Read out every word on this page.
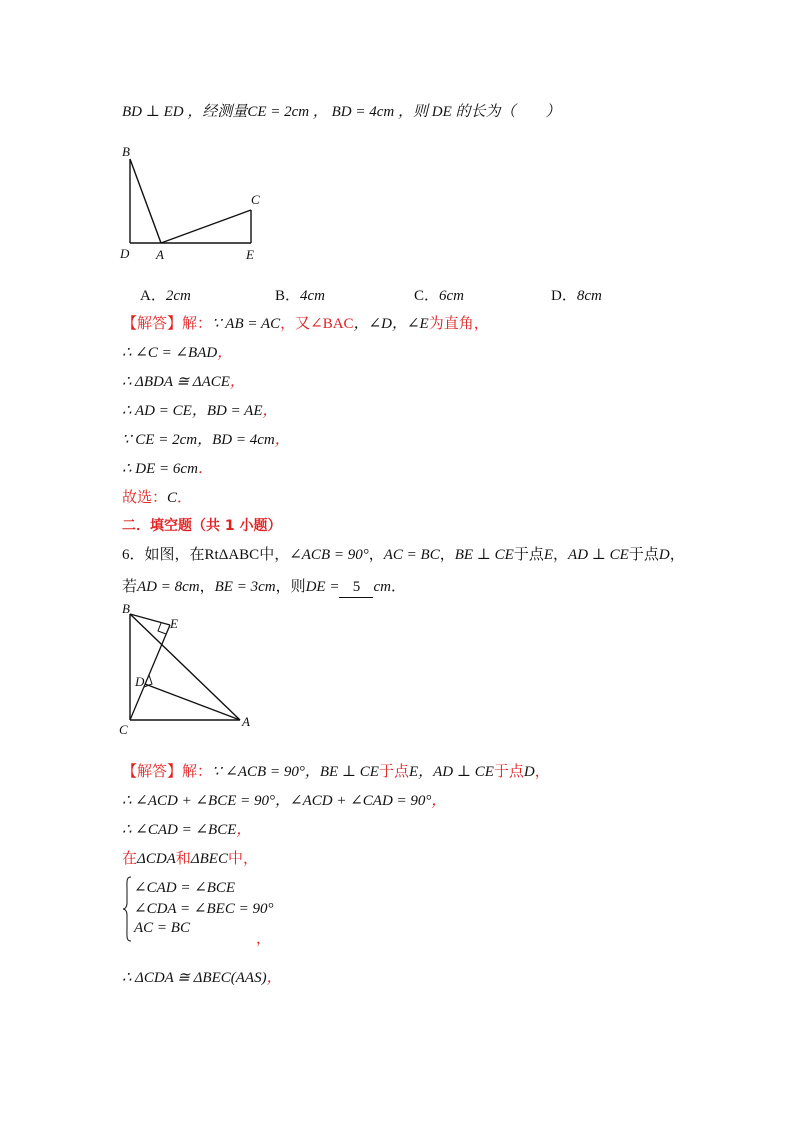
BD ⊥ ED ，经测量CE = 2cm ， BD = 4cm ，则 DE 的长为（　　）
B
C
D A	E
A．2cm	B．4cm	C．6cm	D．8cm
【解答】解：∵ AB = AC，又∠BAC，∠D，∠E为直角，
∴ ∠C = ∠BAD，
∴ ΔBDA ≅ ΔACE，
∴ AD = CE，BD = AE，
∵ CE = 2cm，BD = 4cm，
∴ DE = 6cm．
故选：C．
二．填空题（共 1 小题）
6．如图，在RtΔABC中，∠ACB = 90°，AC = BC，BE ⊥ CE于点E，AD ⊥ CE于点D，
若AD = 8cm，BE = 3cm，则DE = 5 cm．
B
E
D
C
A
【解答】解：∵ ∠ACB = 90°，BE ⊥ CE于点E，AD ⊥ CE于点D，
∴ ∠ACD + ∠BCE = 90°，∠ACD + ∠CAD = 90°，
∴ ∠CAD = ∠BCE，
在ΔCDA和ΔBEC中，
∠CAD = ∠BCE
∠CDA = ∠BEC = 90°
AC = BC
，
∴ ΔCDA ≅ ΔBEC(AAS)，
